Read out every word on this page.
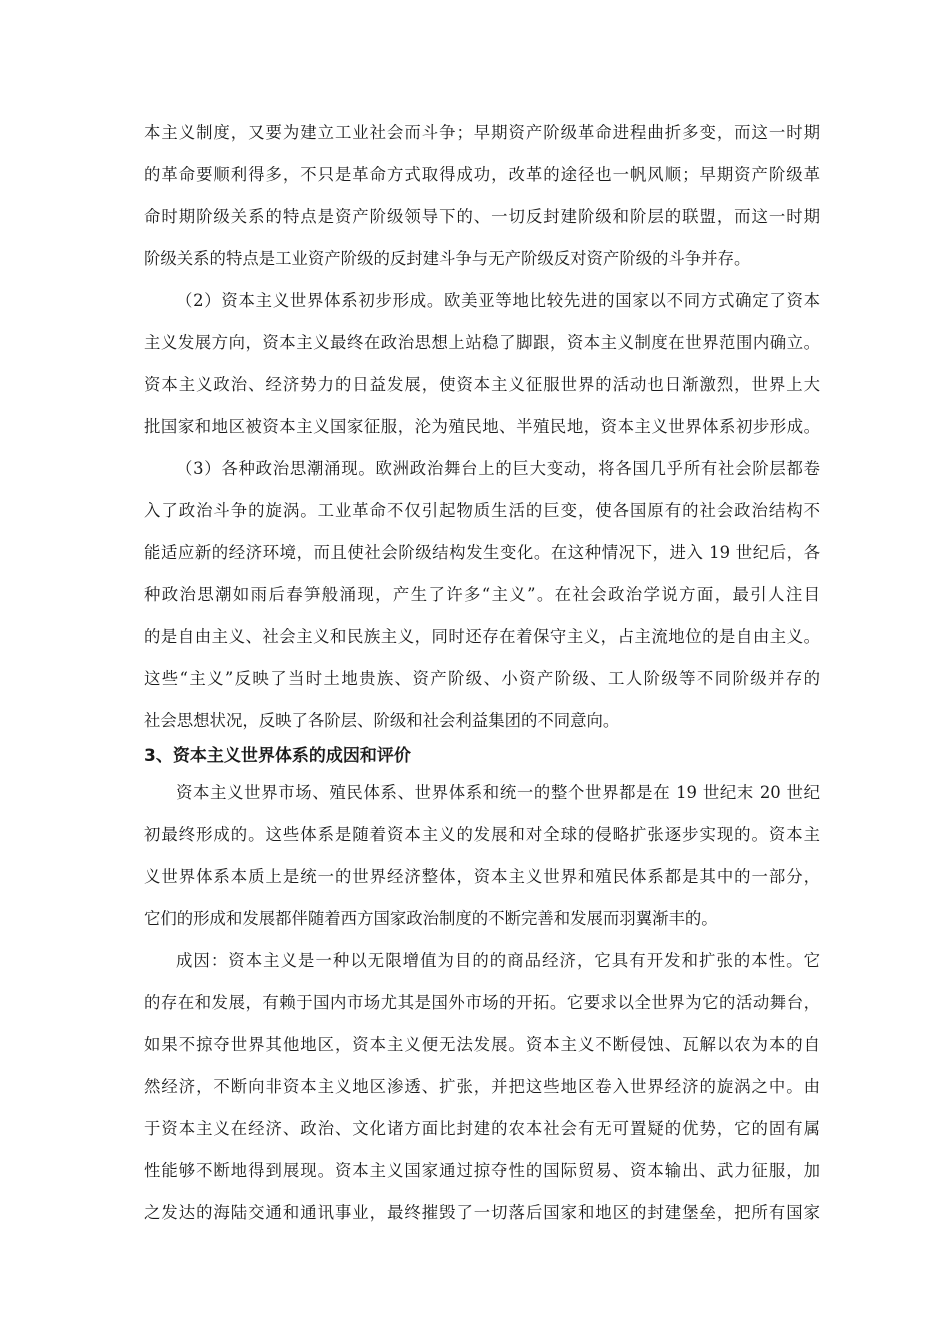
本主义制度，又要为建立工业社会而斗争；早期资产阶级革命进程曲折多变，而这一时期
的革命要顺利得多，不只是革命方式取得成功，改革的途径也一帆风顺；早期资产阶级革
命时期阶级关系的特点是资产阶级领导下的、一切反封建阶级和阶层的联盟，而这一时期
阶级关系的特点是工业资产阶级的反封建斗争与无产阶级反对资产阶级的斗争并存。
（2）资本主义世界体系初步形成。欧美亚等地比较先进的国家以不同方式确定了资本
主义发展方向，资本主义最终在政治思想上站稳了脚跟，资本主义制度在世界范围内确立。
资本主义政治、经济势力的日益发展，使资本主义征服世界的活动也日渐激烈，世界上大
批国家和地区被资本主义国家征服，沦为殖民地、半殖民地，资本主义世界体系初步形成。
（3）各种政治思潮涌现。欧洲政治舞台上的巨大变动，将各国几乎所有社会阶层都卷
入了政治斗争的旋涡。工业革命不仅引起物质生活的巨变，使各国原有的社会政治结构不
能适应新的经济环境，而且使社会阶级结构发生变化。在这种情况下，进入 19 世纪后，各
种政治思潮如雨后春笋般涌现，产生了许多“主义”。在社会政治学说方面，最引人注目
的是自由主义、社会主义和民族主义，同时还存在着保守主义，占主流地位的是自由主义。
这些“主义”反映了当时土地贵族、资产阶级、小资产阶级、工人阶级等不同阶级并存的
社会思想状况，反映了各阶层、阶级和社会利益集团的不同意向。
3、资本主义世界体系的成因和评价
资本主义世界市场、殖民体系、世界体系和统一的整个世界都是在 19 世纪末 20 世纪
初最终形成的。这些体系是随着资本主义的发展和对全球的侵略扩张逐步实现的。资本主
义世界体系本质上是统一的世界经济整体，资本主义世界和殖民体系都是其中的一部分，
它们的形成和发展都伴随着西方国家政治制度的不断完善和发展而羽翼渐丰的。
成因：资本主义是一种以无限增值为目的的商品经济，它具有开发和扩张的本性。它
的存在和发展，有赖于国内市场尤其是国外市场的开拓。它要求以全世界为它的活动舞台，
如果不掠夺世界其他地区，资本主义便无法发展。资本主义不断侵蚀、瓦解以农为本的自
然经济，不断向非资本主义地区渗透、扩张，并把这些地区卷入世界经济的旋涡之中。由
于资本主义在经济、政治、文化诸方面比封建的农本社会有无可置疑的优势，它的固有属
性能够不断地得到展现。资本主义国家通过掠夺性的国际贸易、资本输出、武力征服，加
之发达的海陆交通和通讯事业，最终摧毁了一切落后国家和地区的封建堡垒，把所有国家
